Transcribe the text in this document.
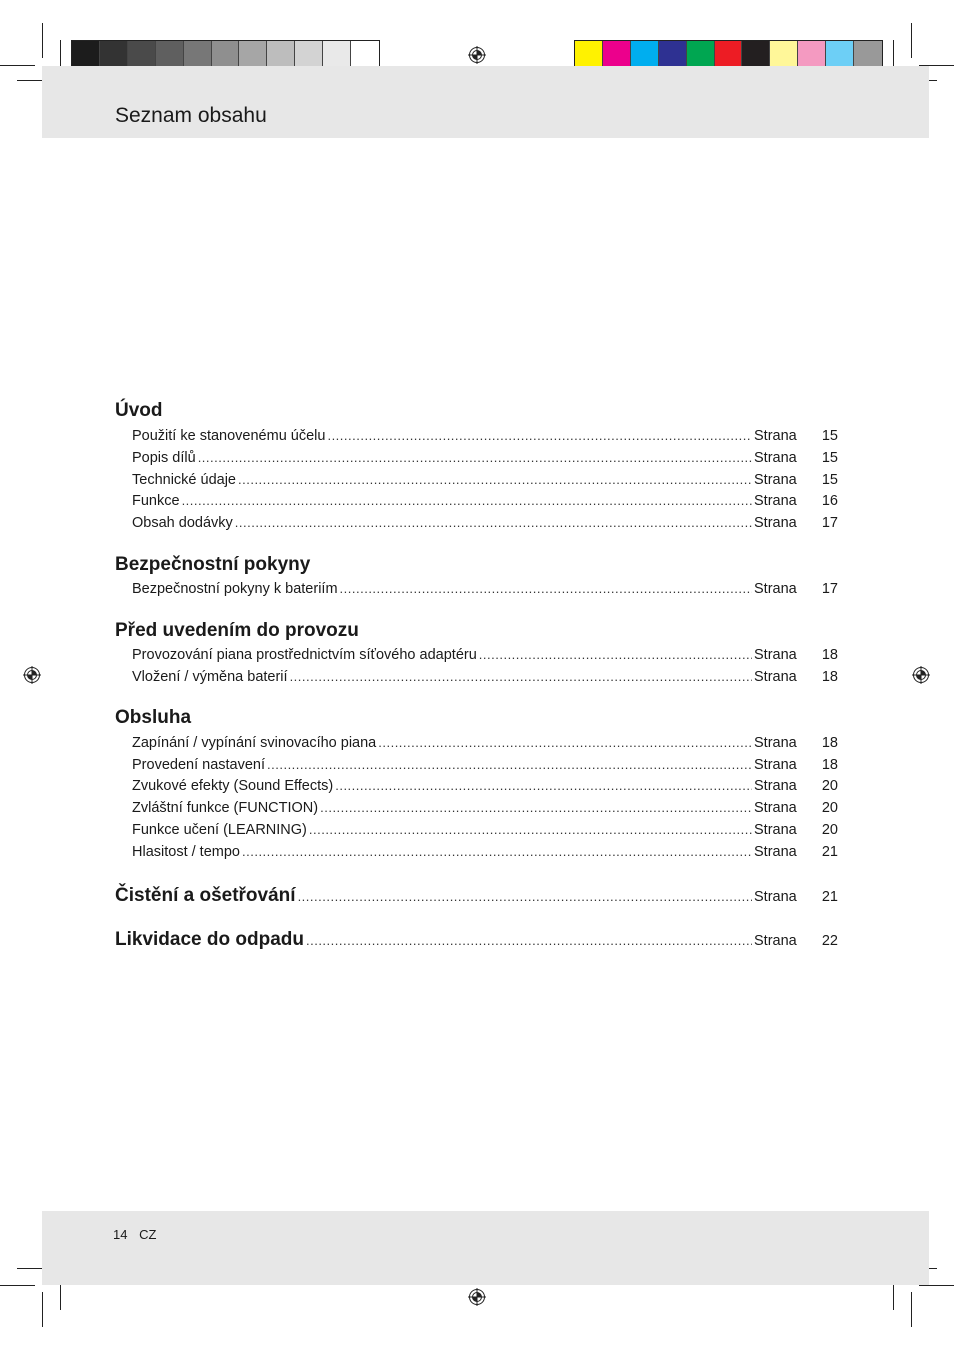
Seznam obsahu
Úvod
Použití ke stanovenému účelu .....	Strana	15
Popis dílů .....	Strana	15
Technické údaje .....	Strana	15
Funkce .....	Strana	16
Obsah dodávky .....	Strana	17
Bezpečnostní pokyny
Bezpečnostní pokyny k bateriím .....	Strana	17
Před uvedením do provozu
Provozování piana prostřednictvím síťového adaptéru .....	Strana	18
Vložení / výměna baterií .....	Strana	18
Obsluha
Zapínání / vypínání svinovacího piana .....	Strana	18
Provedení nastavení .....	Strana	18
Zvukové efekty (Sound Effects) .....	Strana	20
Zvláštní funkce (FUNCTION) .....	Strana	20
Funkce učení (LEARNING) .....	Strana	20
Hlasitost / tempo .....	Strana	21
Čistění a ošetřování .....	Strana	21
Likvidace do odpadu .....	Strana	22
14 CZ
